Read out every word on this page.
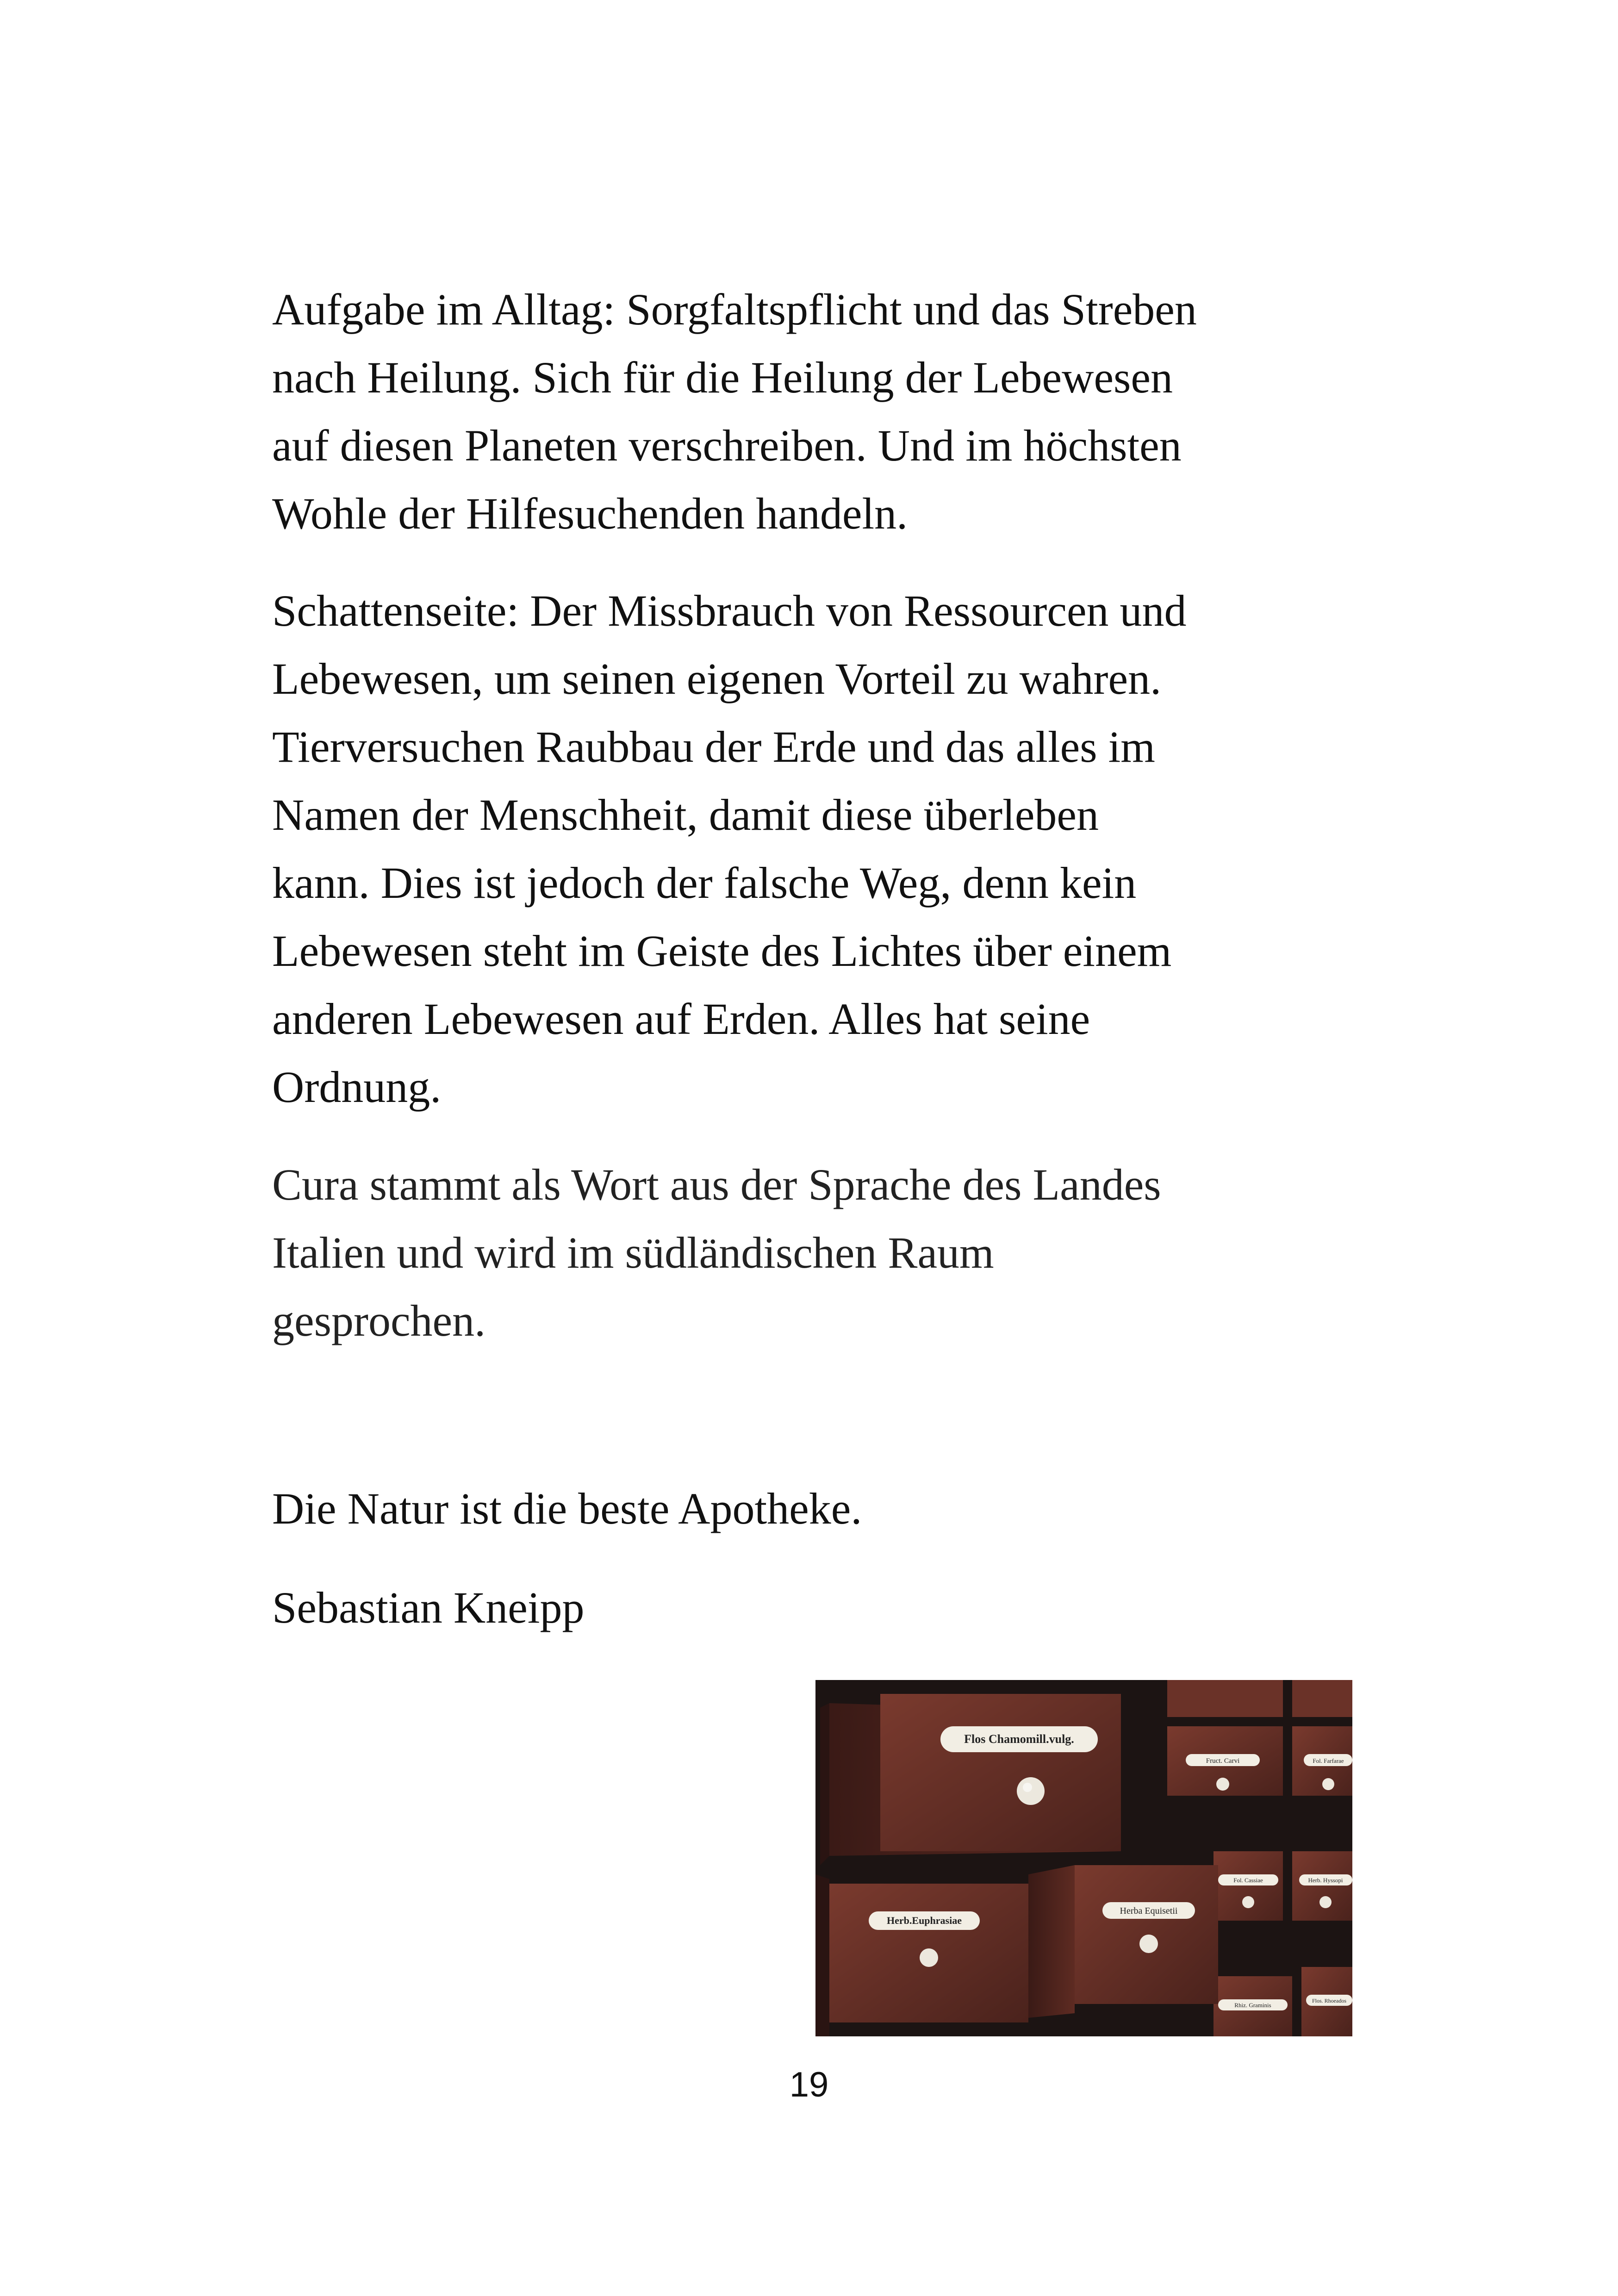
Aufgabe im Alltag: Sorgfaltspflicht und das Streben
nach Heilung. Sich für die Heilung der Lebewesen
auf diesen Planeten verschreiben. Und im höchsten
Wohle der Hilfesuchenden handeln.

Schattenseite: Der Missbrauch von Ressourcen und
Lebewesen, um seinen eigenen Vorteil zu wahren.
Tierversuchen Raubbau der Erde und das alles im
Namen der Menschheit, damit diese überleben
kann. Dies ist jedoch der falsche Weg, denn kein
Lebewesen steht im Geiste des Lichtes über einem
anderen Lebewesen auf Erden. Alles hat seine
Ordnung.

Cura stammt als Wort aus der Sprache des Landes
Italien und wird im südländischen Raum
gesprochen.

Die Natur ist die beste Apotheke.

Sebastian Kneipp

Fruct. Carvi	Fol. Farfarae
Fol. Cassiae	Herb. Hyssopi
Rhiz. Graminis
Flos. Rhoeados
Herba Equisetii
Herb.Euphrasiae
Flos Chamomill.vulg.
19
